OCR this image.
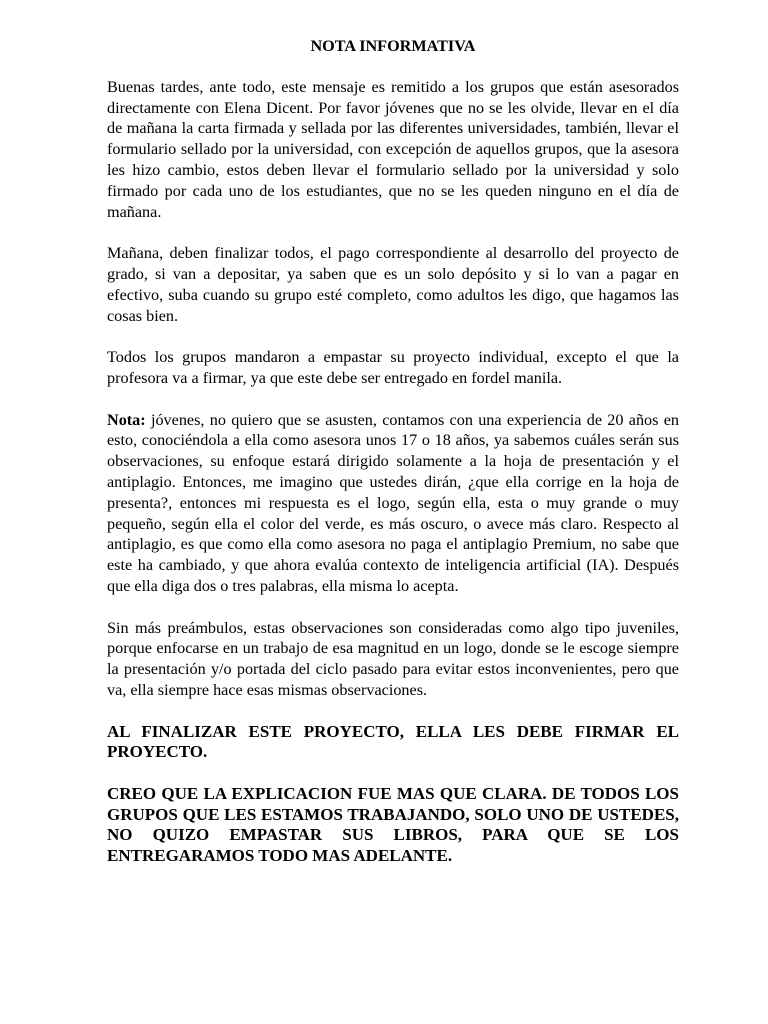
NOTA INFORMATIVA

Buenas tardes, ante todo, este mensaje es remitido a los grupos que están asesorados directamente con Elena Dicent. Por favor jóvenes que no se les olvide, llevar en el día de mañana la carta firmada y sellada por las diferentes universidades, también, llevar el formulario sellado por la universidad, con excepción de aquellos grupos, que la asesora les hizo cambio, estos deben llevar el formulario sellado por la universidad y solo firmado por cada uno de los estudiantes, que no se les queden ninguno en el día de mañana.

Mañana, deben finalizar todos, el pago correspondiente al desarrollo del proyecto de grado, si van a depositar, ya saben que es un solo depósito y si lo van a pagar en efectivo, suba cuando su grupo esté completo, como adultos les digo, que hagamos las cosas bien.

Todos los grupos mandaron a empastar su proyecto individual, excepto el que la profesora va a firmar, ya que este debe ser entregado en fordel manila.

Nota: jóvenes, no quiero que se asusten, contamos con una experiencia de 20 años en esto, conociéndola a ella como asesora unos 17 o 18 años, ya sabemos cuáles serán sus observaciones, su enfoque estará dirigido solamente a la hoja de presentación y el antiplagio. Entonces, me imagino que ustedes dirán, ¿que ella corrige en la hoja de presenta?, entonces mi respuesta es el logo, según ella, esta o muy grande o muy pequeño, según ella el color del verde, es más oscuro, o avece más claro. Respecto al antiplagio, es que como ella como asesora no paga el antiplagio Premium, no sabe que este ha cambiado, y que ahora evalúa contexto de inteligencia artificial (IA). Después que ella diga dos o tres palabras, ella misma lo acepta.

Sin más preámbulos, estas observaciones son consideradas como algo tipo juveniles, porque enfocarse en un trabajo de esa magnitud en un logo, donde se le escoge siempre la presentación y/o portada del ciclo pasado para evitar estos inconvenientes, pero que va, ella siempre hace esas mismas observaciones.

AL FINALIZAR ESTE PROYECTO, ELLA LES DEBE FIRMAR EL PROYECTO.

CREO QUE LA EXPLICACION FUE MAS QUE CLARA. DE TODOS LOS GRUPOS QUE LES ESTAMOS TRABAJANDO, SOLO UNO DE USTEDES, NO QUIZO EMPASTAR SUS LIBROS, PARA QUE SE LOS ENTREGARAMOS TODO MAS ADELANTE.
